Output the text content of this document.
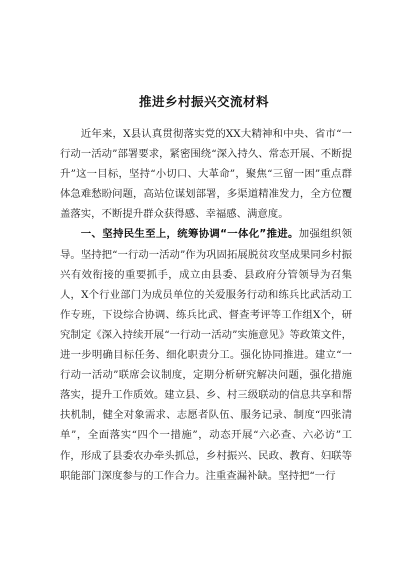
推进乡村振兴交流材料

近年来，X县认真贯彻落实党的XX大精神和中央、省市“一行动一活动”部署要求，紧密围绕“深入持久、常态开展、不断提升”这一目标，坚持“小切口、大革命”，聚焦“三留一困”重点群体急难愁盼问题，高站位谋划部署，多渠道精准发力，全方位覆盖落实，不断提升群众获得感、幸福感、满意度。

一、坚持民生至上，统筹协调“一体化”推进。加强组织领导。坚持把“一行动一活动”作为巩固拓展脱贫攻坚成果同乡村振兴有效衔接的重要抓手，成立由县委、县政府分管领导为召集人，X个行业部门为成员单位的关爱服务行动和练兵比武活动工作专班，下设综合协调、练兵比武、督查考评等工作组X个，研究制定《深入持续开展“一行动一活动”实施意见》等政策文件，进一步明确目标任务、细化职责分工。强化协同推进。建立“一行动一活动”联席会议制度，定期分析研究解决问题，强化措施落实，提升工作质效。建立县、乡、村三级联动的信息共享和帮扶机制，健全对象需求、志愿者队伍、服务记录、制度“四张清单”，全面落实“四个一措施”，动态开展“六必查、六必访”工作，形成了县委农办牵头抓总，乡村振兴、民政、教育、妇联等职能部门深度参与的工作合力。注重查漏补缺。坚持把“一行
